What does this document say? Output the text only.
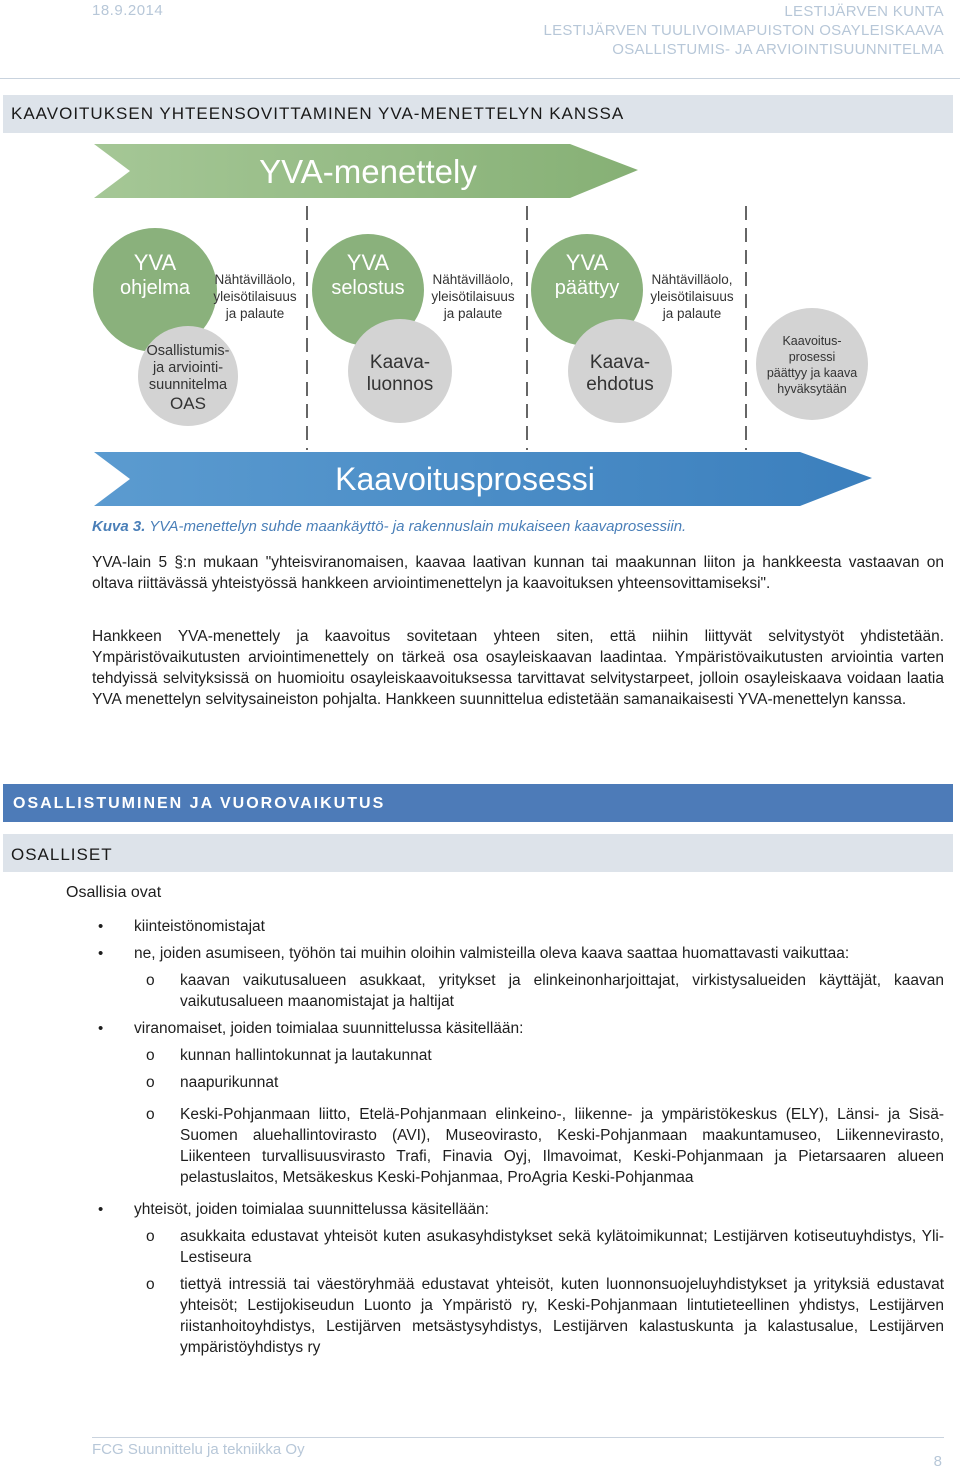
18.9.2014	LESTIJÄRVEN KUNTA
LESTIJÄRVEN TUULIVOIMAPUISTON OSAYLEISKAAVA
OSALLISTUMIS- JA ARVIOINTISUUNNITELMA
KAAVOITUKSEN YHTEENSOVITTAMINEN YVA-MENETTELYN KANSSA
YVA-menettely
YVA
ohjelma
YVA
selostus
YVA
päättyy
Nähtävilläolo,
yleisötilaisuus
ja palaute
Nähtävilläolo,
yleisötilaisuus
ja palaute
Nähtävilläolo,
yleisötilaisuus
ja palaute
Osallistumis-
ja arviointi-
suunnitelma
OAS
Kaava-
luonnos
Kaava-
ehdotus
Kaavoitus-
prosessi
päättyy ja kaava
hyväksytään
Kaavoitusprosessi
Kuva 3. YVA-menettelyn suhde maankäyttö- ja rakennuslain mukaiseen kaavaprosessiin.

YVA-lain 5 §:n mukaan "yhteisviranomaisen, kaavaa laativan kunnan tai maakunnan liiton ja hankkeesta vastaavan on oltava riittävässä yhteistyössä hankkeen arviointimenettelyn ja kaavoituksen yhteensovittamiseksi".

Hankkeen YVA-menettely ja kaavoitus sovitetaan yhteen siten, että niihin liittyvät selvitystyöt yhdistetään. Ympäristövaikutusten arviointimenettely on tärkeä osa osayleiskaavan laadintaa. Ympäristövaikutusten arviointia varten tehdyissä selvityksissä on huomioitu osayleiskaavoituksessa tarvittavat selvitystarpeet, jolloin osayleiskaava voidaan laatia YVA menettelyn selvitysaineiston pohjalta. Hankkeen suunnittelua edistetään samanaikaisesti YVA-menettelyn kanssa.

OSALLISTUMINEN JA VUOROVAIKUTUS
OSALLISET
Osallisia ovat
• kiinteistönomistajat
• ne, joiden asumiseen, työhön tai muihin oloihin valmisteilla oleva kaava saattaa huomattavasti vaikuttaa:
o kaavan vaikutusalueen asukkaat, yritykset ja elinkeinonharjoittajat, virkistysalueiden käyttäjät, kaavan vaikutusalueen maanomistajat ja haltijat
• viranomaiset, joiden toimialaa suunnittelussa käsitellään:
o kunnan hallintokunnat ja lautakunnat
o naapurikunnat
o Keski-Pohjanmaan liitto, Etelä-Pohjanmaan elinkeino-, liikenne- ja ympäristökeskus (ELY), Länsi- ja Sisä-Suomen aluehallintovirasto (AVI), Museovirasto, Keski-Pohjanmaan maakuntamuseo, Liikennevirasto, Liikenteen turvallisuusvirasto Trafi, Finavia Oyj, Ilmavoimat, Keski-Pohjanmaan ja Pietarsaaren alueen pelastuslaitos, Metsäkeskus Keski-Pohjanmaa, ProAgria Keski-Pohjanmaa
• yhteisöt, joiden toimialaa suunnittelussa käsitellään:
o asukkaita edustavat yhteisöt kuten asukasyhdistykset sekä kylätoimikunnat; Lestijärven kotiseutuyhdistys, Yli-Lestiseura
o tiettyä intressiä tai väestöryhmää edustavat yhteisöt, kuten luonnonsuojeluyhdistykset ja yrityksiä edustavat yhteisöt; Lestijokiseudun Luonto ja Ympäristö ry, Keski-Pohjanmaan lintutieteellinen yhdistys, Lestijärven riistanhoitoyhdistys, Lestijärven metsästysyhdistys, Lestijärven kalastuskunta ja kalastusalue, Lestijärven ympäristöyhdistys ry
FCG Suunnittelu ja tekniikka Oy
8
